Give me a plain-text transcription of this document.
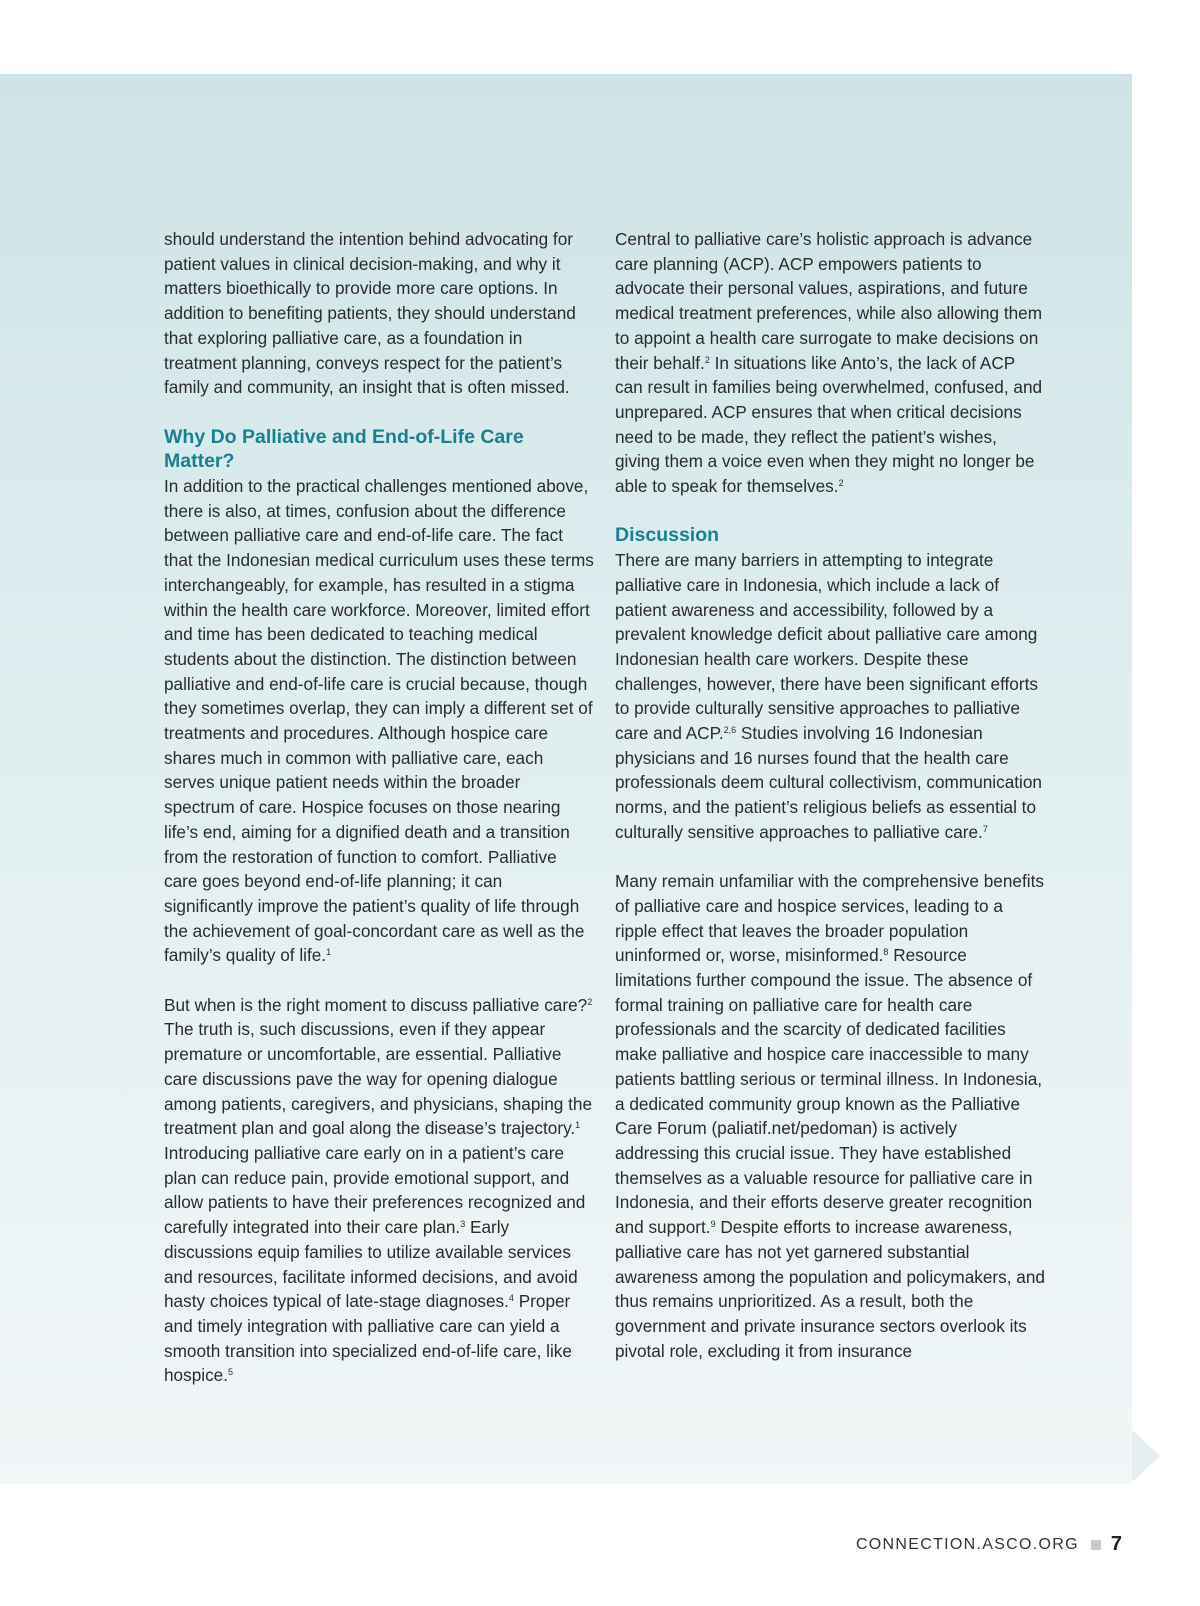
should understand the intention behind advocating for patient values in clinical decision-making, and why it matters bioethically to provide more care options. In addition to benefiting patients, they should understand that exploring palliative care, as a foundation in treatment planning, conveys respect for the patient’s family and community, an insight that is often missed.

Why Do Palliative and End-of-Life Care Matter?

In addition to the practical challenges mentioned above, there is also, at times, confusion about the difference between palliative care and end-of-life care. The fact that the Indonesian medical curriculum uses these terms interchangeably, for example, has resulted in a stigma within the health care workforce. Moreover, limited effort and time has been dedicated to teaching medical students about the distinction. The distinction between palliative and end-of-life care is crucial because, though they sometimes overlap, they can imply a different set of treatments and procedures. Although hospice care shares much in common with palliative care, each serves unique patient needs within the broader spectrum of care. Hospice focuses on those nearing life’s end, aiming for a dignified death and a transition from the restoration of function to comfort. Palliative care goes beyond end-of-life planning; it can significantly improve the patient’s quality of life through the achievement of goal-concordant care as well as the family’s quality of life.$^1$

But when is the right moment to discuss palliative care?$^2$ The truth is, such discussions, even if they appear premature or uncomfortable, are essential. Palliative care discussions pave the way for opening dialogue among patients, caregivers, and physicians, shaping the treatment plan and goal along the disease’s trajectory.$^1$ Introducing palliative care early on in a patient’s care plan can reduce pain, provide emotional support, and allow patients to have their preferences recognized and carefully integrated into their care plan.$^3$ Early discussions equip families to utilize available services and resources, facilitate informed decisions, and avoid hasty choices typical of late-stage diagnoses.$^4$ Proper and timely integration with palliative care can yield a smooth transition into specialized end-of-life care, like hospice.$^5$

Central to palliative care’s holistic approach is advance care planning (ACP). ACP empowers patients to advocate their personal values, aspirations, and future medical treatment preferences, while also allowing them to appoint a health care surrogate to make decisions on their behalf.$^2$ In situations like Anto’s, the lack of ACP can result in families being overwhelmed, confused, and unprepared. ACP ensures that when critical decisions need to be made, they reflect the patient’s wishes, giving them a voice even when they might no longer be able to speak for themselves.$^2$

Discussion

There are many barriers in attempting to integrate palliative care in Indonesia, which include a lack of patient awareness and accessibility, followed by a prevalent knowledge deficit about palliative care among Indonesian health care workers. Despite these challenges, however, there have been significant efforts to provide culturally sensitive approaches to palliative care and ACP.$^{2,6}$ Studies involving 16 Indonesian physicians and 16 nurses found that the health care professionals deem cultural collectivism, communication norms, and the patient’s religious beliefs as essential to culturally sensitive approaches to palliative care.$^7$

Many remain unfamiliar with the comprehensive benefits of palliative care and hospice services, leading to a ripple effect that leaves the broader population uninformed or, worse, misinformed.$^8$ Resource limitations further compound the issue. The absence of formal training on palliative care for health care professionals and the scarcity of dedicated facilities make palliative and hospice care inaccessible to many patients battling serious or terminal illness. In Indonesia, a dedicated community group known as the Palliative Care Forum (paliatif.net/pedoman) is actively addressing this crucial issue. They have established themselves as a valuable resource for palliative care in Indonesia, and their efforts deserve greater recognition and support.$^9$ Despite efforts to increase awareness, palliative care has not yet garnered substantial awareness among the population and policymakers, and thus remains unprioritized. As a result, both the government and private insurance sectors overlook its pivotal role, excluding it from insurance

CONNECTION.ASCO.ORG 7
